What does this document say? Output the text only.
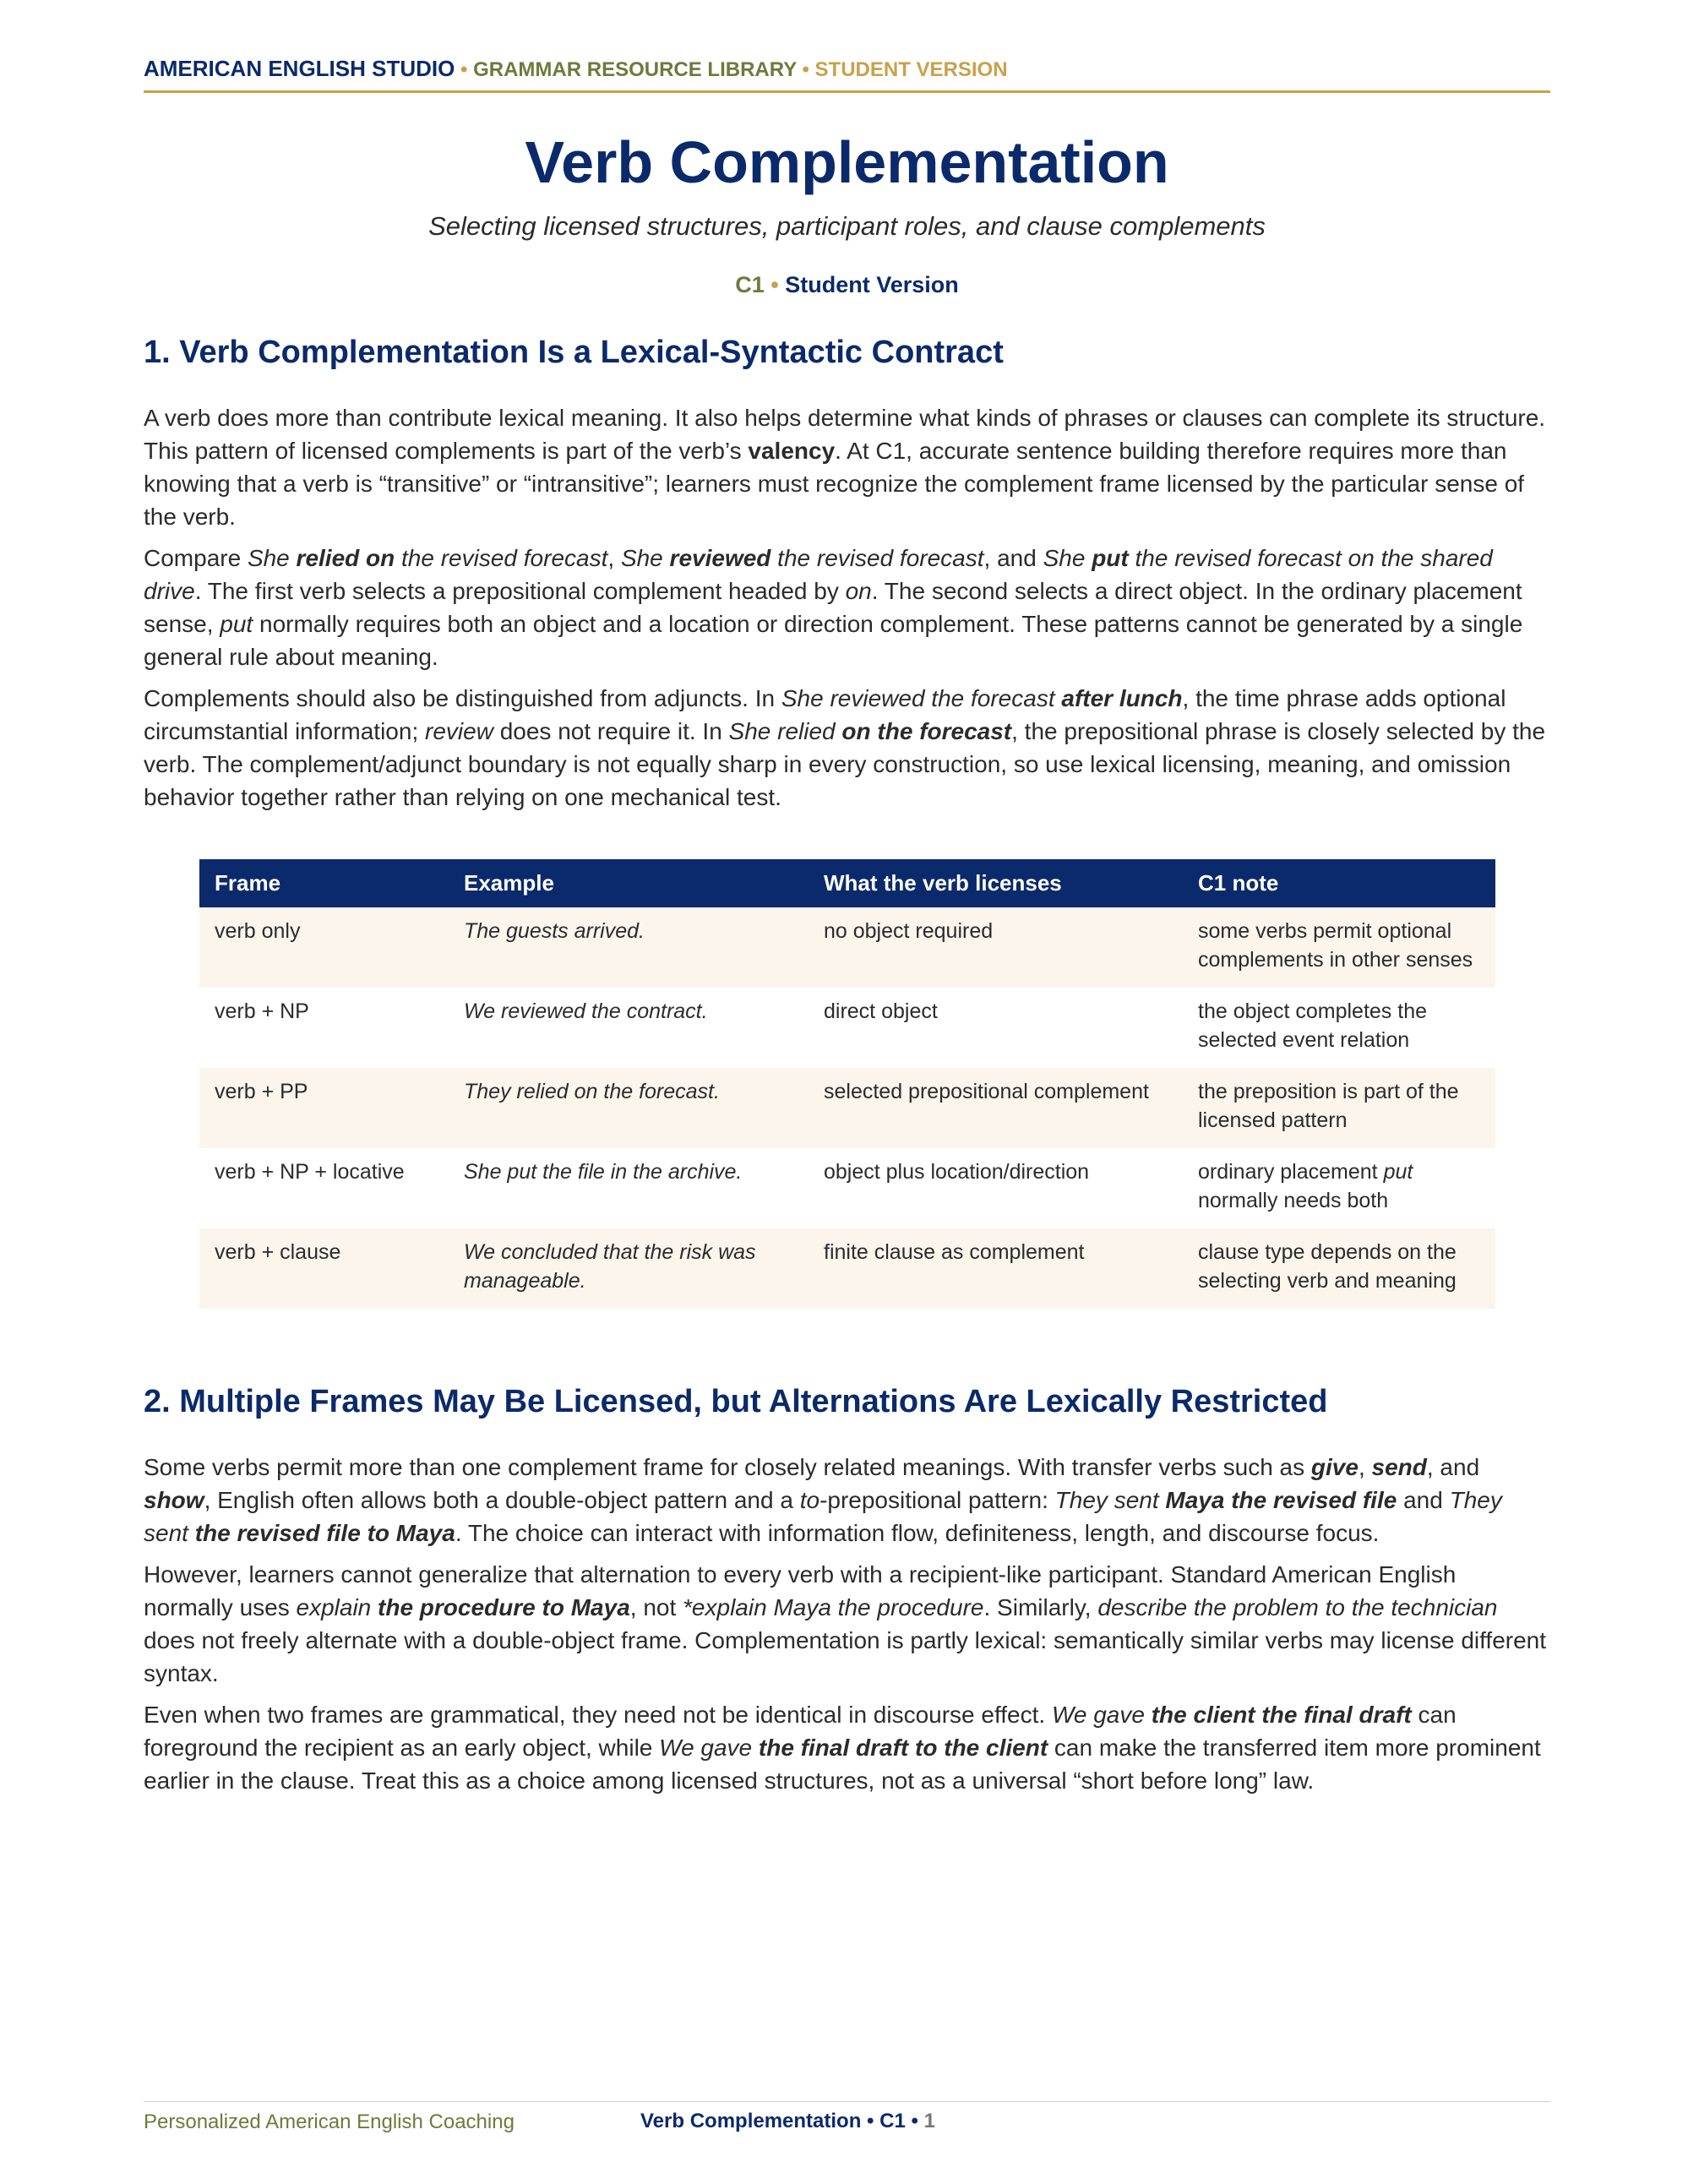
AMERICAN ENGLISH STUDIO • GRAMMAR RESOURCE LIBRARY • STUDENT VERSION
Verb Complementation
Selecting licensed structures, participant roles, and clause complements
C1 • Student Version
1. Verb Complementation Is a Lexical-Syntactic Contract

A verb does more than contribute lexical meaning. It also helps determine what kinds of phrases or clauses can complete its structure. This pattern of licensed complements is part of the verb’s valency. At C1, accurate sentence building therefore requires more than knowing that a verb is “transitive” or “intransitive”; learners must recognize the complement frame licensed by the particular sense of the verb.

Compare She relied on the revised forecast, She reviewed the revised forecast, and She put the revised forecast on the shared drive. The first verb selects a prepositional complement headed by on. The second selects a direct object. In the ordinary placement sense, put normally requires both an object and a location or direction complement. These patterns cannot be generated by a single general rule about meaning.

Complements should also be distinguished from adjuncts. In She reviewed the forecast after lunch, the time phrase adds optional circumstantial information; review does not require it. In She relied on the forecast, the prepositional phrase is closely selected by the verb. The complement/adjunct boundary is not equally sharp in every construction, so use lexical licensing, meaning, and omission behavior together rather than relying on one mechanical test.

Frame	Example	What the verb licenses	C1 note
verb only	The guests arrived.	no object required	some verbs permit optional complements in other senses
verb + NP	We reviewed the contract.	direct object	the object completes the selected event relation
verb + PP	They relied on the forecast.	selected prepositional complement	the preposition is part of the licensed pattern
verb + NP + locative	She put the file in the archive.	object plus location/direction	ordinary placement put normally needs both
verb + clause	We concluded that the risk was manageable.	finite clause as complement	clause type depends on the selecting verb and meaning
2. Multiple Frames May Be Licensed, but Alternations Are Lexically Restricted

Some verbs permit more than one complement frame for closely related meanings. With transfer verbs such as give, send, and show, English often allows both a double-object pattern and a to-prepositional pattern: They sent Maya the revised file and They sent the revised file to Maya. The choice can interact with information flow, definiteness, length, and discourse focus.

However, learners cannot generalize that alternation to every verb with a recipient-like participant. Standard American English normally uses explain the procedure to Maya, not *explain Maya the procedure. Similarly, describe the problem to the technician does not freely alternate with a double-object frame. Complementation is partly lexical: semantically similar verbs may license different syntax.

Even when two frames are grammatical, they need not be identical in discourse effect. We gave the client the final draft can foreground the recipient as an early object, while We gave the final draft to the client can make the transferred item more prominent earlier in the clause. Treat this as a choice among licensed structures, not as a universal “short before long” law.

Personalized American English Coaching	Verb Complementation • C1 • 1
